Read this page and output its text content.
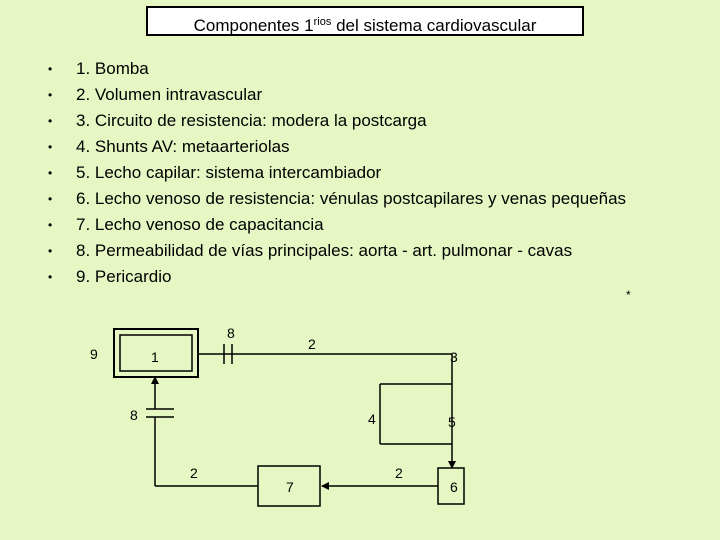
Componentes $1^{rios}$ del sistema cardiovascular
•	1. Bomba
•	2. Volumen intravascular
•	3. Circuito de resistencia: modera la postcarga
•	4. Shunts AV: metaarteriolas
•	5. Lecho capilar: sistema intercambiador
•	6. Lecho venoso de resistencia: vénulas postcapilares y venas pequeñas
•	7. Lecho venoso de capacitancia
•	8. Permeabilidad de vías principales: aorta - art. pulmonar - cavas
•	9. Pericardio
*
9	1
8
2
3
8	4	5
2
7
2
6
